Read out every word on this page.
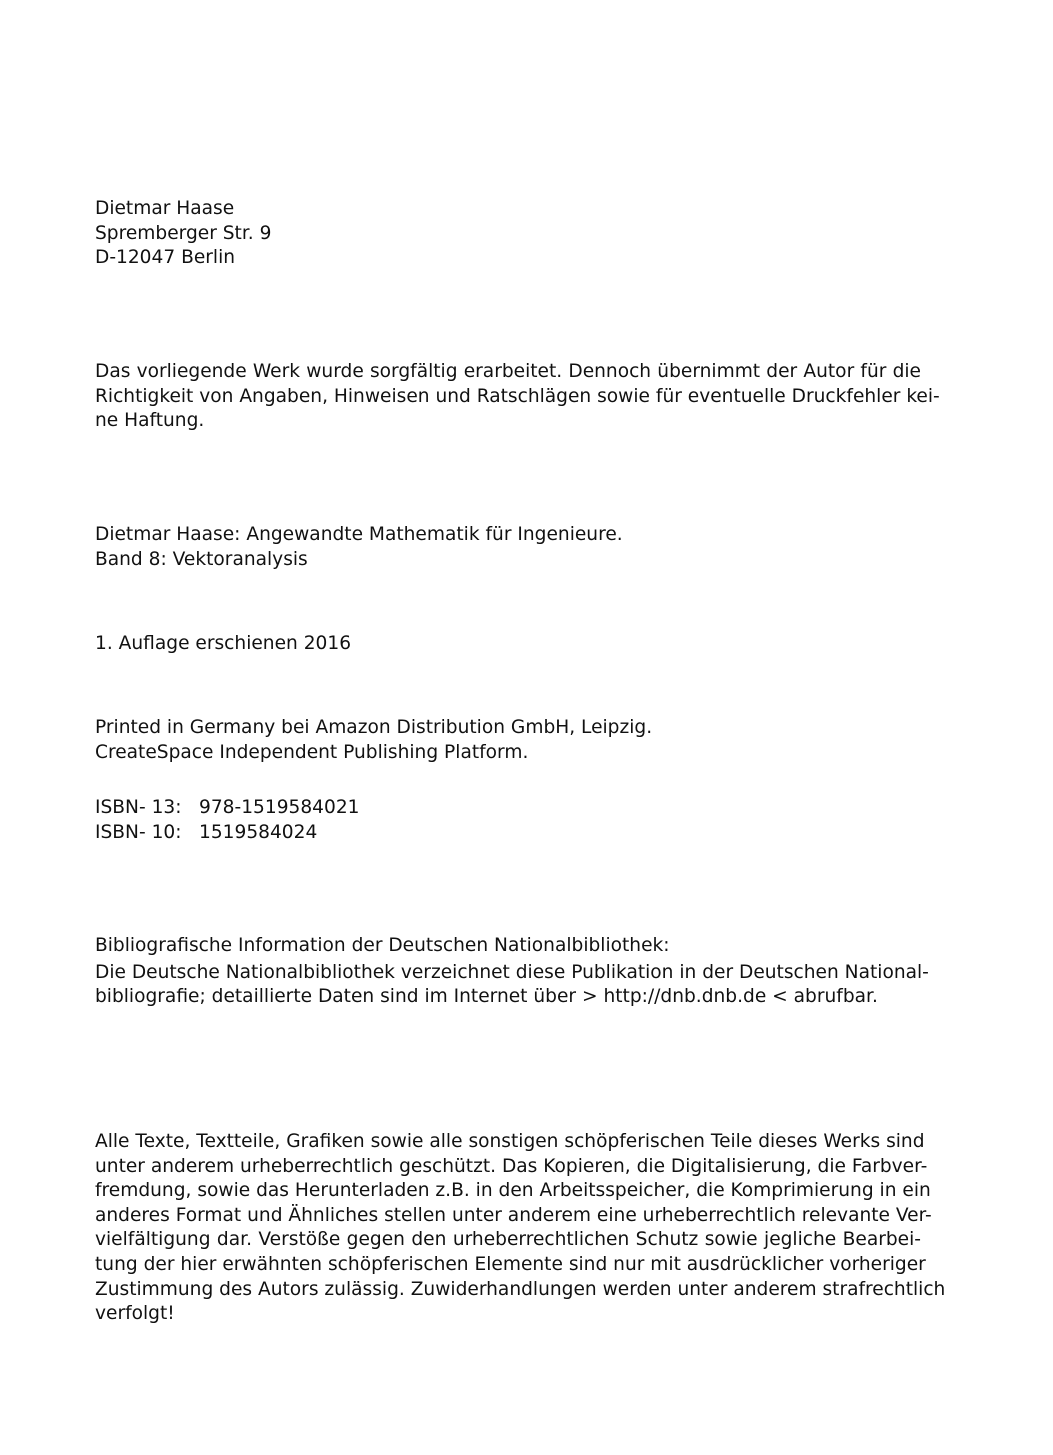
Dietmar Haase
Spremberger Str. 9
D-12047 Berlin
Das vorliegende Werk wurde sorgfältig erarbeitet. Dennoch übernimmt der Autor für die
Richtigkeit von Angaben, Hinweisen und Ratschlägen sowie für eventuelle Druckfehler kei-
ne Haftung.
Dietmar Haase: Angewandte Mathematik für Ingenieure.
Band 8: Vektoranalysis
1. Auflage erschienen 2016
Printed in Germany bei Amazon Distribution GmbH, Leipzig.
CreateSpace Independent Publishing Platform.
ISBN- 13: 978-1519584021
ISBN- 10: 1519584024
Bibliografische Information der Deutschen Nationalbibliothek:
Die Deutsche Nationalbibliothek verzeichnet diese Publikation in der Deutschen National-
bibliografie; detaillierte Daten sind im Internet über > http://dnb.dnb.de < abrufbar.
Alle Texte, Textteile, Grafiken sowie alle sonstigen schöpferischen Teile dieses Werks sind
unter anderem urheberrechtlich geschützt. Das Kopieren, die Digitalisierung, die Farbver-
fremdung, sowie das Herunterladen z.B. in den Arbeitsspeicher, die Komprimierung in ein
anderes Format und Ähnliches stellen unter anderem eine urheberrechtlich relevante Ver-
vielfältigung dar. Verstöße gegen den urheberrechtlichen Schutz sowie jegliche Bearbei-
tung der hier erwähnten schöpferischen Elemente sind nur mit ausdrücklicher vorheriger
Zustimmung des Autors zulässig. Zuwiderhandlungen werden unter anderem strafrechtlich
verfolgt!
